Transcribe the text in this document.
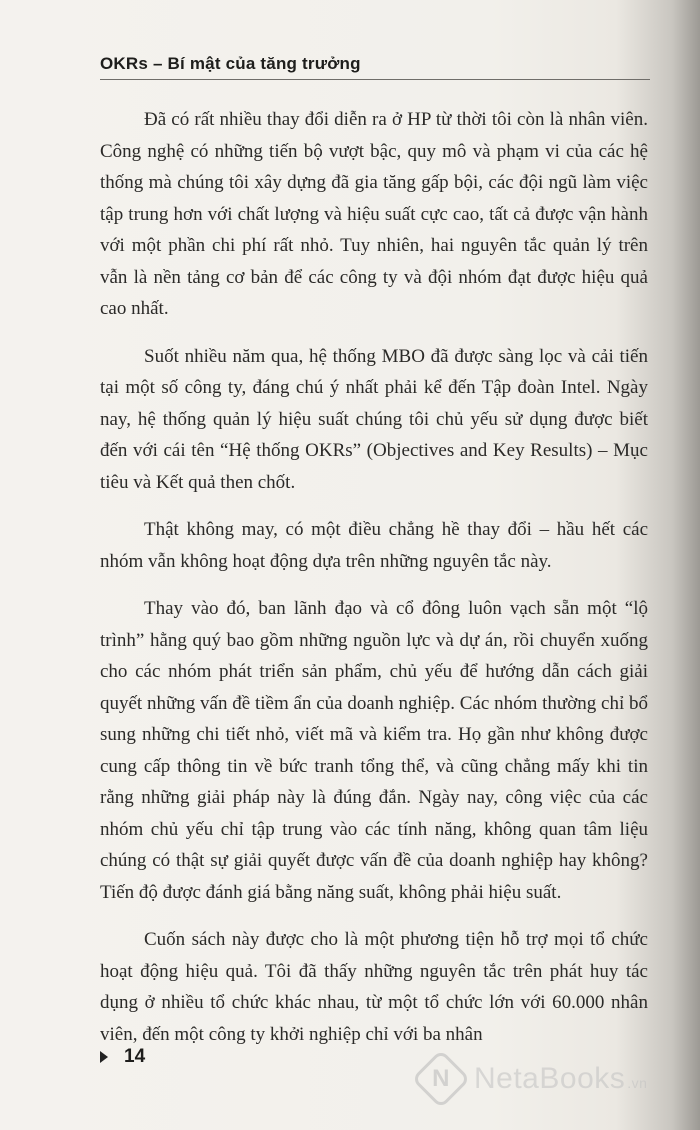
OKRs – Bí mật của tăng trưởng

Đã có rất nhiều thay đổi diễn ra ở HP từ thời tôi còn là nhân viên. Công nghệ có những tiến bộ vượt bậc, quy mô và phạm vi của các hệ thống mà chúng tôi xây dựng đã gia tăng gấp bội, các đội ngũ làm việc tập trung hơn với chất lượng và hiệu suất cực cao, tất cả được vận hành với một phần chi phí rất nhỏ. Tuy nhiên, hai nguyên tắc quản lý trên vẫn là nền tảng cơ bản để các công ty và đội nhóm đạt được hiệu quả cao nhất.

Suốt nhiều năm qua, hệ thống MBO đã được sàng lọc và cải tiến tại một số công ty, đáng chú ý nhất phải kể đến Tập đoàn Intel. Ngày nay, hệ thống quản lý hiệu suất chúng tôi chủ yếu sử dụng được biết đến với cái tên “Hệ thống OKRs” (Objectives and Key Results) – Mục tiêu và Kết quả then chốt.

Thật không may, có một điều chẳng hề thay đổi – hầu hết các nhóm vẫn không hoạt động dựa trên những nguyên tắc này.

Thay vào đó, ban lãnh đạo và cổ đông luôn vạch sẵn một “lộ trình” hằng quý bao gồm những nguồn lực và dự án, rồi chuyển xuống cho các nhóm phát triển sản phẩm, chủ yếu để hướng dẫn cách giải quyết những vấn đề tiềm ẩn của doanh nghiệp. Các nhóm thường chỉ bổ sung những chi tiết nhỏ, viết mã và kiểm tra. Họ gần như không được cung cấp thông tin về bức tranh tổng thể, và cũng chẳng mấy khi tin rằng những giải pháp này là đúng đắn. Ngày nay, công việc của các nhóm chủ yếu chỉ tập trung vào các tính năng, không quan tâm liệu chúng có thật sự giải quyết được vấn đề của doanh nghiệp hay không? Tiến độ được đánh giá bằng năng suất, không phải hiệu suất.

Cuốn sách này được cho là một phương tiện hỗ trợ mọi tổ chức hoạt động hiệu quả. Tôi đã thấy những nguyên tắc trên phát huy tác dụng ở nhiều tổ chức khác nhau, từ một tổ chức lớn với 60.000 nhân viên, đến một công ty khởi nghiệp chỉ với ba nhân

14
N NetaBooks .vn
